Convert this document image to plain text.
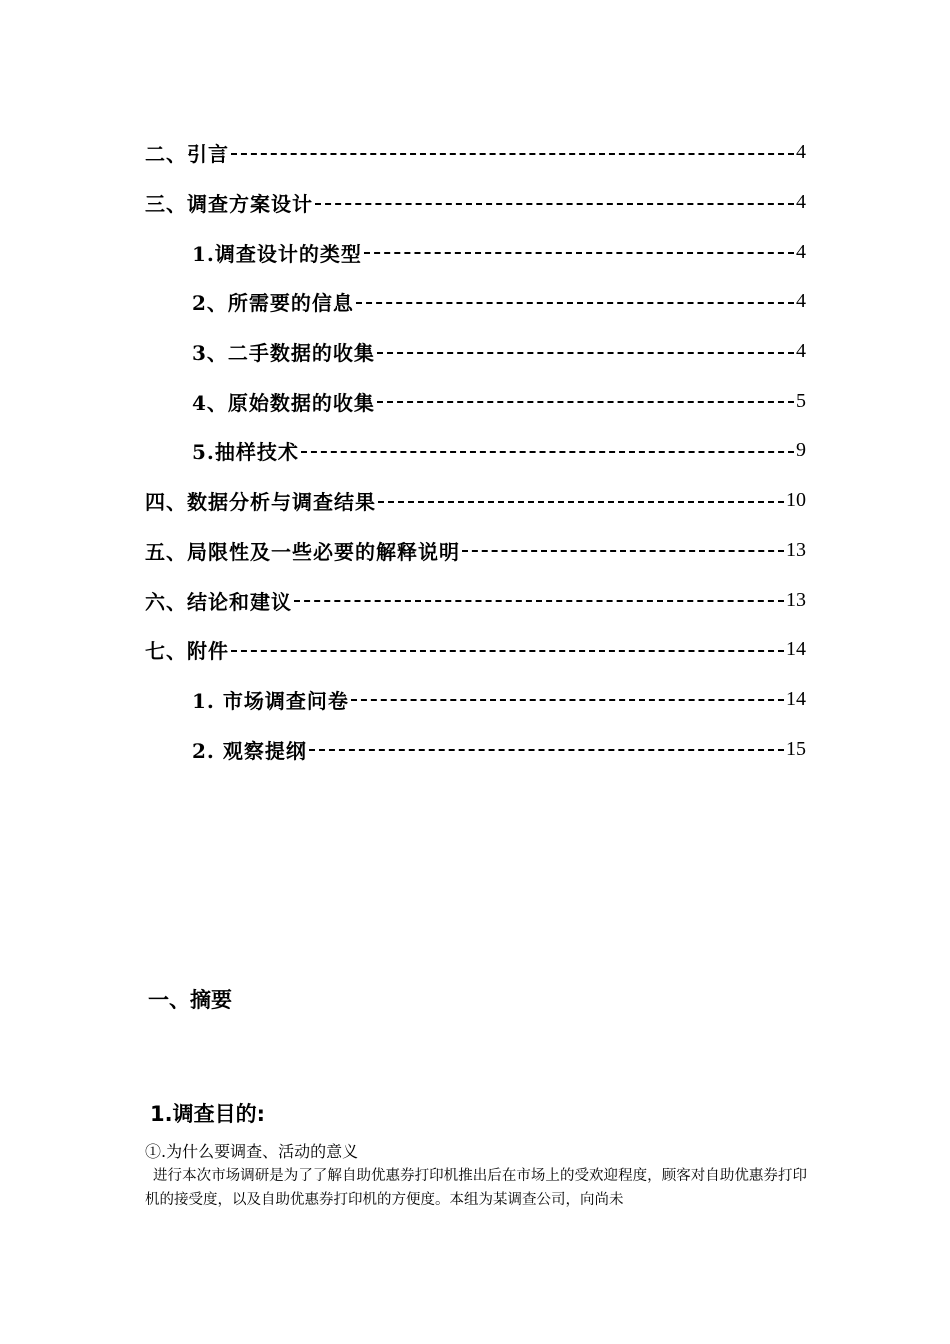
二、引言	4
三、调查方案设计	4
1.调查设计的类型	4
2、所需要的信息	4
3、二手数据的收集	4
4、原始数据的收集	5
5.抽样技术	9
四、数据分析与调查结果	10
五、局限性及一些必要的解释说明	13
六、结论和建议	13
七、附件	14
1. 市场调查问卷	14
2. 观察提纲	15
一、摘要
1.调查目的:
①.为什么要调查、活动的意义
进行本次市场调研是为了了解自助优惠券打印机推出后在市场上的受欢迎程度，顾客对自助优惠券打印机的接受度，以及自助优惠券打印机的方便度。本组为某调查公司，向尚未
